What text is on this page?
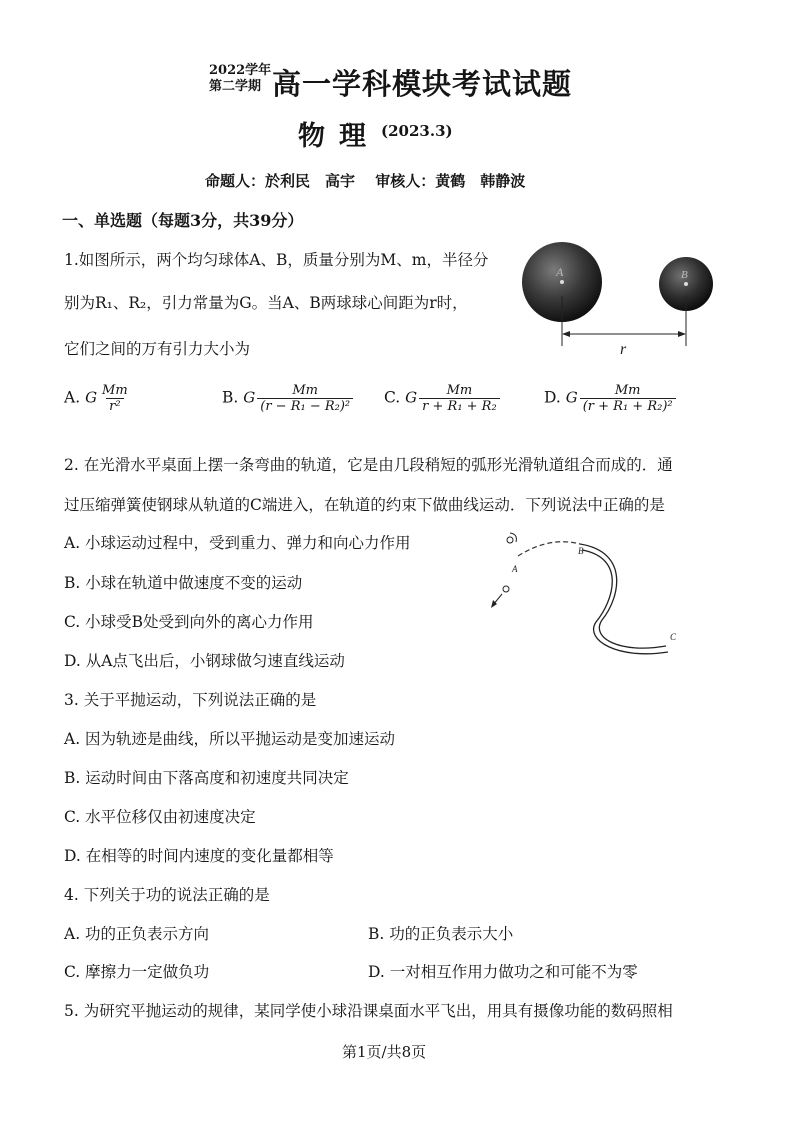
2022学年
第二学期 高一学科模块考试试题
物理 (2023.3)
命题人：於利民　高宇　 审核人：黄鹤　韩静波
一、单选题（每题3分，共39分）
1.如图所示，两个均匀球体A、B，质量分别为M、m，半径分
别为R₁、R₂，引力常量为G。当A、B两球球心间距为r时，
它们之间的万有引力大小为
A	B
r
A. G $\frac{Mm}{\text{r²}}$	B. G $\frac{Mm}{\text{(r − R₁ − R₂)²}} C$. G $\frac{Mm}{\text{r + R₁ + R₂}}$	D. G $\frac{Mm}{\text{(r + R₁ + R₂)²}}$
2. 在光滑水平桌面上摆一条弯曲的轨道，它是由几段稍短的弧形光滑轨道组合而成的．通
过压缩弹簧使钢球从轨道的C端进入，在轨道的约束下做曲线运动．下列说法中正确的是
A. 小球运动过程中，受到重力、弹力和向心力作用
B. 小球在轨道中做速度不变的运动
C. 小球受B处受到向外的离心力作用
D. 从A点飞出后，小钢球做匀速直线运动
A
B
C
3. 关于平抛运动，下列说法正确的是
A. 因为轨迹是曲线，所以平抛运动是变加速运动
B. 运动时间由下落高度和初速度共同决定
C. 水平位移仅由初速度决定
D. 在相等的时间内速度的变化量都相等
4. 下列关于功的说法正确的是
A. 功的正负表示方向	B. 功的正负表示大小
C. 摩擦力一定做负功	D. 一对相互作用力做功之和可能不为零
5. 为研究平抛运动的规律，某同学使小球沿课桌面水平飞出，用具有摄像功能的数码照相
第1页/共8页
